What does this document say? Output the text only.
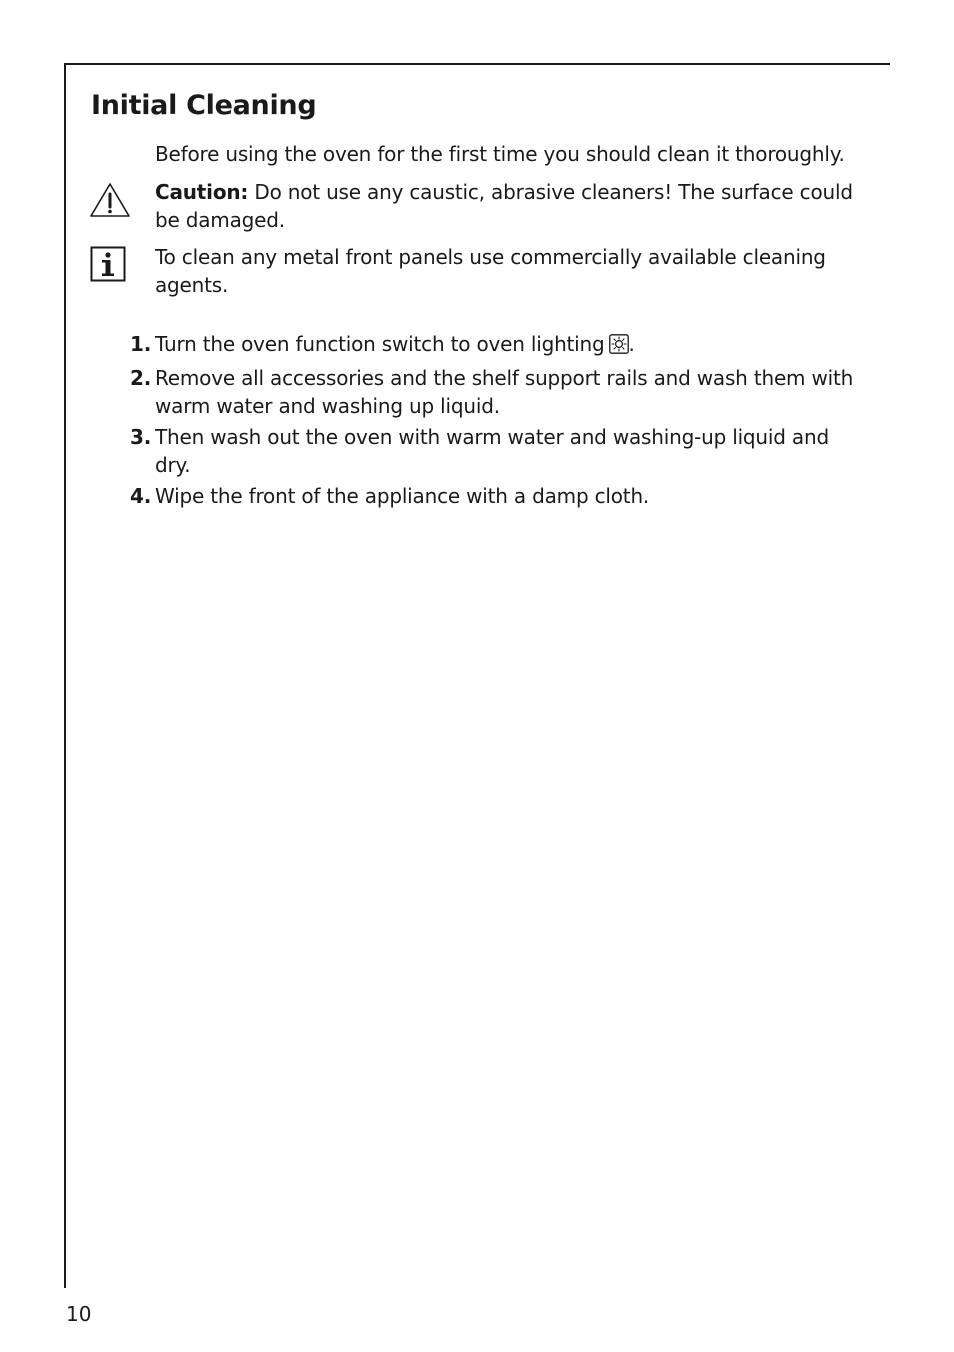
Initial Cleaning

Before using the oven for the first time you should clean it thoroughly.

Caution: Do not use any caustic, abrasive cleaners! The surface could be damaged.

To clean any metal front panels use commercially available cleaning agents.

1. Turn the oven function switch to oven lighting .
2. Remove all accessories and the shelf support rails and wash them with warm water and washing up liquid.
3. Then wash out the oven with warm water and washing-up liquid and dry.
4. Wipe the front of the appliance with a damp cloth.
10
